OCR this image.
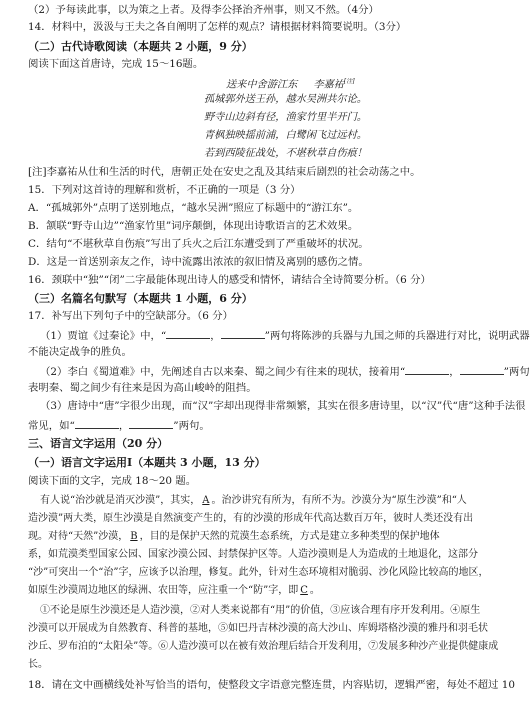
（2）予每读此事，以为策之上者。及得李公择治齐州事，则又不然。（4分）
14．材料中，汲汲与王夫之各自阐明了怎样的观点？请根据材料简要说明。（3分）
（二）古代诗歌阅读（本题共 2 小题，9 分）
阅读下面这首唐诗，完成 15～16题。
送来中舍游江东 李嘉祐[注]
孤城郭外送王孙，越水吴洲共尔论。
野寺山边斜有径，渔家竹里半开门。
青枫独映摇前浦，白鹭闲飞过远村。
若到西陵征战处，不堪秋草自伤痕！
[注]李嘉祐从仕和生活的时代，唐朝正处在安史之乱及其结束后剧烈的社会动荡之中。
15．下列对这首诗的理解和赏析，不正确的一项是（3 分）
A．“孤城郭外”点明了送别地点，“越水吴洲”照应了标题中的“游江东”。
B．颔联“野寺山边”“渔家竹里”词序颠倒，体现出诗歌语言的艺术效果。
C．结句“不堪秋草自伤痕”写出了兵火之后江东遭受到了严重破坏的状况。
D．这是一首送别亲友之作，诗中流露出浓浓的叙旧情及离别的感伤之情。
16．颈联中“独”“闭”二字最能体现出诗人的感受和情怀，请结合全诗简要分析。（6 分）
（三）名篇名句默写（本题共 1 小题，6 分）
17．补写出下列句子中的空缺部分。（6 分）
（1）贾谊《过秦论》中，“	，	”两句将陈涉的兵器与九国之师的兵器进行对比，说明武器
不能决定战争的胜负。
（2）李白《蜀道难》中，先阐述自古以来秦、蜀之间少有往来的现状，接着用“	，	”两句
表明秦、蜀之间少有往来是因为高山峻岭的阻挡。
（3）唐诗中“唐”字很少出现，而“汉”字却出现得非常频繁，其实在很多唐诗里，以“汉”代“唐”这种手法很
常见，如“	，	”两句。
三、语言文字运用（20 分）
（一）语言文字运用Ⅰ（本题共 3 小题，13 分）
阅读下面的文字，完成 18～20 题。
有人说“治沙就是消灭沙漠”，其实， A 。治沙讲究有所为，有所不为。沙漠分为“原生沙漠”和“人
造沙漠”两大类，原生沙漠是自然演变产生的，有的沙漠的形成年代高达数百万年，彼时人类还没有出
现。对待“天然”沙漠， B ，目的是保护天然的荒漠生态系统，方式是建立多种类型的保护地体
系，如荒漠类型国家公园、国家沙漠公园、封禁保护区等。人造沙漠则是人为造成的土地退化，这部分
“沙”可突出一个“治”字，应该予以治理，修复。此外，针对生态环境相对脆弱、沙化风险比较高的地区，
如原生沙漠周边地区的绿洲、农田等，应注重一个“防”字，即 C 。
①不论是原生沙漠还是人造沙漠，②对人类来说都有“用”的价值，③应该合理有序开发利用。④原生
沙漠可以开展成为自然教育、科普的基地，⑤如巴丹吉林沙漠的高大沙山、库姆塔格沙漠的雅丹和羽毛状
沙丘、罗布泊的“太阳朵”等。⑥人造沙漠可以在被有效治理后结合开发利用，⑦发展多种沙产业提供健康成
长。
18．请在文中画横线处补写恰当的语句，使整段文字语意完整连贯，内容贴切，逻辑严密，每处不超过 10
